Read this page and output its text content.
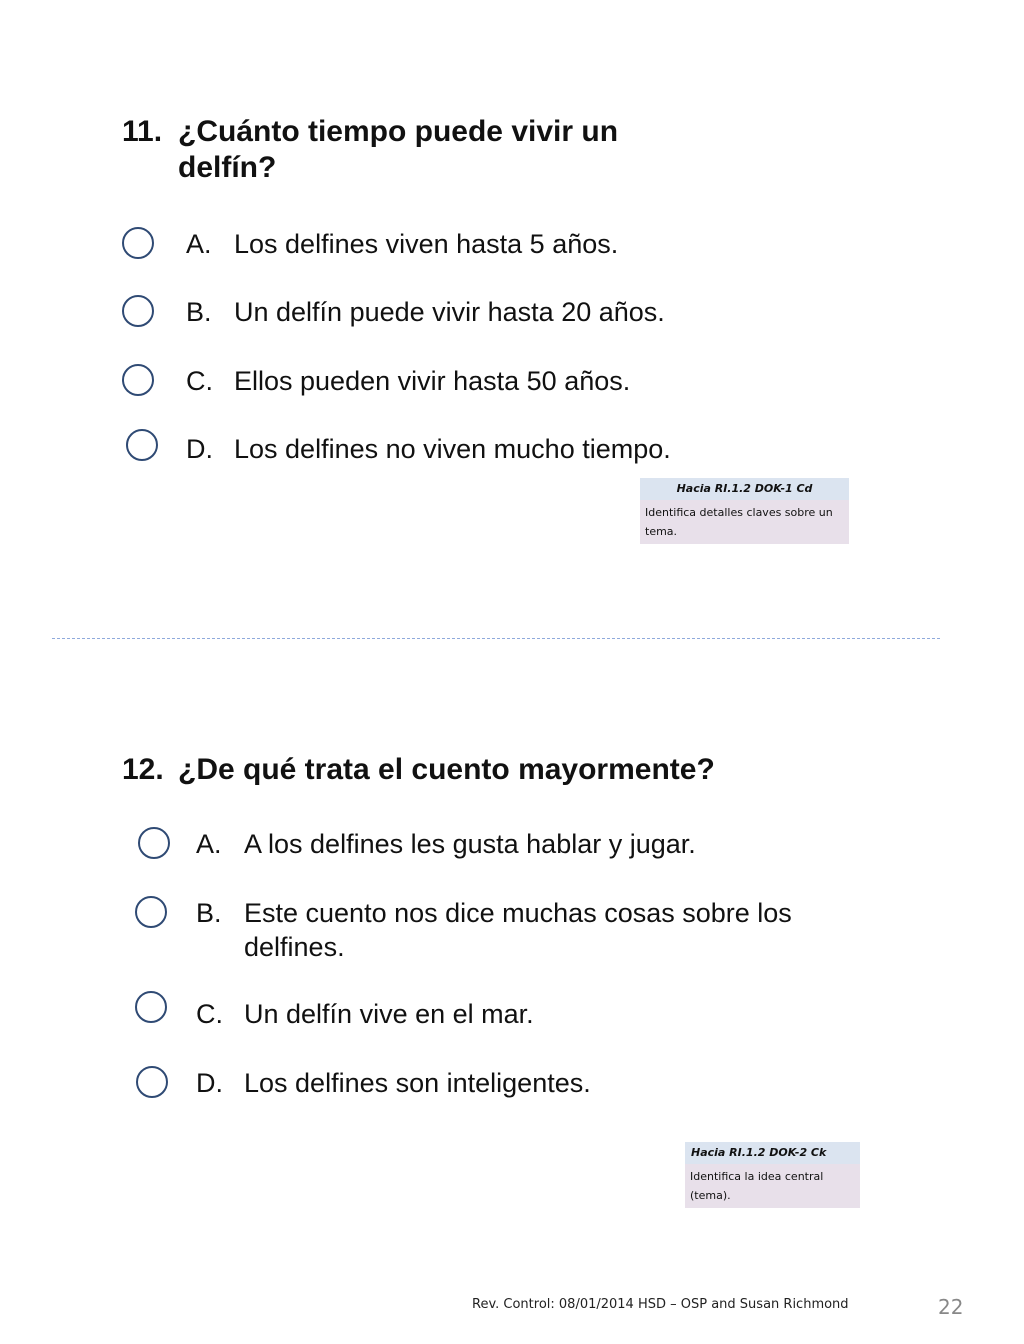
11. ¿Cuánto tiempo puede vivir un delfín?
A. Los delfines viven hasta 5 años.
B. Un delfín puede vivir hasta 20 años.
C. Ellos pueden vivir hasta 50 años.
D. Los delfines no viven mucho tiempo.
Hacia RI.1.2 DOK-1 Cd
Identifica detalles claves sobre un tema.
12. ¿De qué trata el cuento mayormente?
A. A los delfines les gusta hablar y jugar.
B. Este cuento nos dice muchas cosas sobre los delfines.
C. Un delfín vive en el mar.
D. Los delfines son inteligentes.
Hacia RI.1.2 DOK-2 Ck
Identifica la idea central (tema).
Rev. Control: 08/01/2014 HSD – OSP and Susan Richmond	22
